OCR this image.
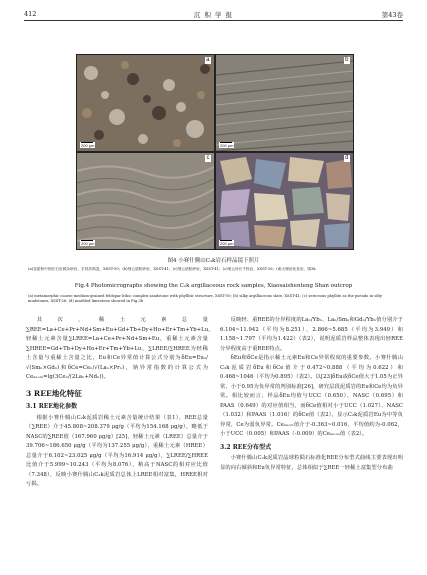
412	沉 积 学 报	第43卷
a
200 μm
b
200 μm
c
200 μm
d
200 μm
图4 小赛什腾山C₂k岩石样品镜下照片
(a)变质粉中细长石岩屑杂砂岩，手枝状构造，XSST-50；(b)细云质粉砂岩，XSST-41；(c)细云质粉砂岩，XSST-41；(c)细云母长千枚岩，XSST-26；(d)大理岩化灰岩，图3k
Fig.4 Photomicrographs showing the C₂k argillaceous rock samples, Xiaosaishenteng Shan outcrop
(a) metamorphic coarse medium-grained feldspar lithic complex sandstone with phyllitic structure, XSST-50; (b) silky argillaceous slate, XSST-41; (c) sericeous phyllite as the pseudo in silty mudstones, XSST-26; (d) marbled limestone showed in Fig.3k

其次，稀土元素总量∑REE=La+Ce+Pr+Nd+Sm+Eu+Gd+Tb+Dy+Ho+Er+Tm+Yb+Lu，轻稀土元素含量∑LREE=La+Ce+Pr+Nd+Sm+Eu，重稀土元素含量∑HREE=Gd+Tb+Dy+Ho+Er+Tm+Yb+Lu，∑LREE/∑HREE为轻稀土含量与重稀土含量之比，Eu和Ce异常值计算公式分别为δEu=Euₙ/√(Smₙ×Gdₙ)和δCe=Ceₙ/√(Laₙ×Prₙ)，钠异常指数的计算公式为Ceₐₙₒₘ=lg(3Ceₙ/(2Laₙ+Ndₙ))。

3 REE地化特征
3.1 REE地化参数

根据小赛什腾山C₂k泥质岩稀土元素含量统计结果（表1），REE总量（∑REE）介于45.808~208.379 μg/g（平均为154.168 μg/g），略低于NASC的∑REE值（167.960 μg/g）[25]，轻稀土元素（LREE）总量介于39.706~186.650 μg/g（平均为137.255 μg/g），重稀土元素（HREE）总量介于6.102~23.025 μg/g（平均为16.914 μg/g），∑LREE/∑HREE比值介于5.999~10.243（平均为8.076），稍高于NASC的相对应比值（7.348），反映小赛什腾山C₂k泥质岩总体上LREE相对富集，HREE相对亏损。

反映轻、重REE的分异程度的Laₙ/Ybₙ、Laₙ/Smₙ和Gdₙ/Ybₙ值分别介于6.104~11.942（平均为8.251）、2.866~5.685（平均为3.949）和1.158~1.797（平均为1.422）（表2），说明泥质岩样品整体表现出轻REE分异程度高于重REE特点。

δEu和δCe是指示稀土元素Eu和Ce异常程度的重要参数。小赛什腾山C₂k泥质岩δEu和δCe值介于0.472~0.888（平均为0.622）和0.468~1046（平均为0.895）（表2）。以[23]δEu或δCe值大于1.05为正异常，小于0.95为负异常的判别标准[26]，研究层段泥质岩的Eu和Ce均为负异常。相比较而言，样品δEu均值与UCC（0.650）、NASC（0.695）和PAAS（0.649）的对应值相当，而δCe值相对小于UCC（1.027）、NASC（1.032）和PAAS（1.016）的δCe值（表2），显示C₂k泥质岩Eu为中等负异常，Ce为弱负异常。Ceₐₙₒₘ值介于-0.363~0.016，平均值约为-0.062，小于UCC（0.005）和PAAS（-0.009）的Ceₐₙₒₘ值（表2）。

3.2 REE分布型式

小赛什腾山C₂k泥质岩晶球粒陨石标准化REE分布型式曲线主要表现出明显的向右倾斜和Eu负异常特征，总体相似于∑REE一轻稀土富集型分布曲
